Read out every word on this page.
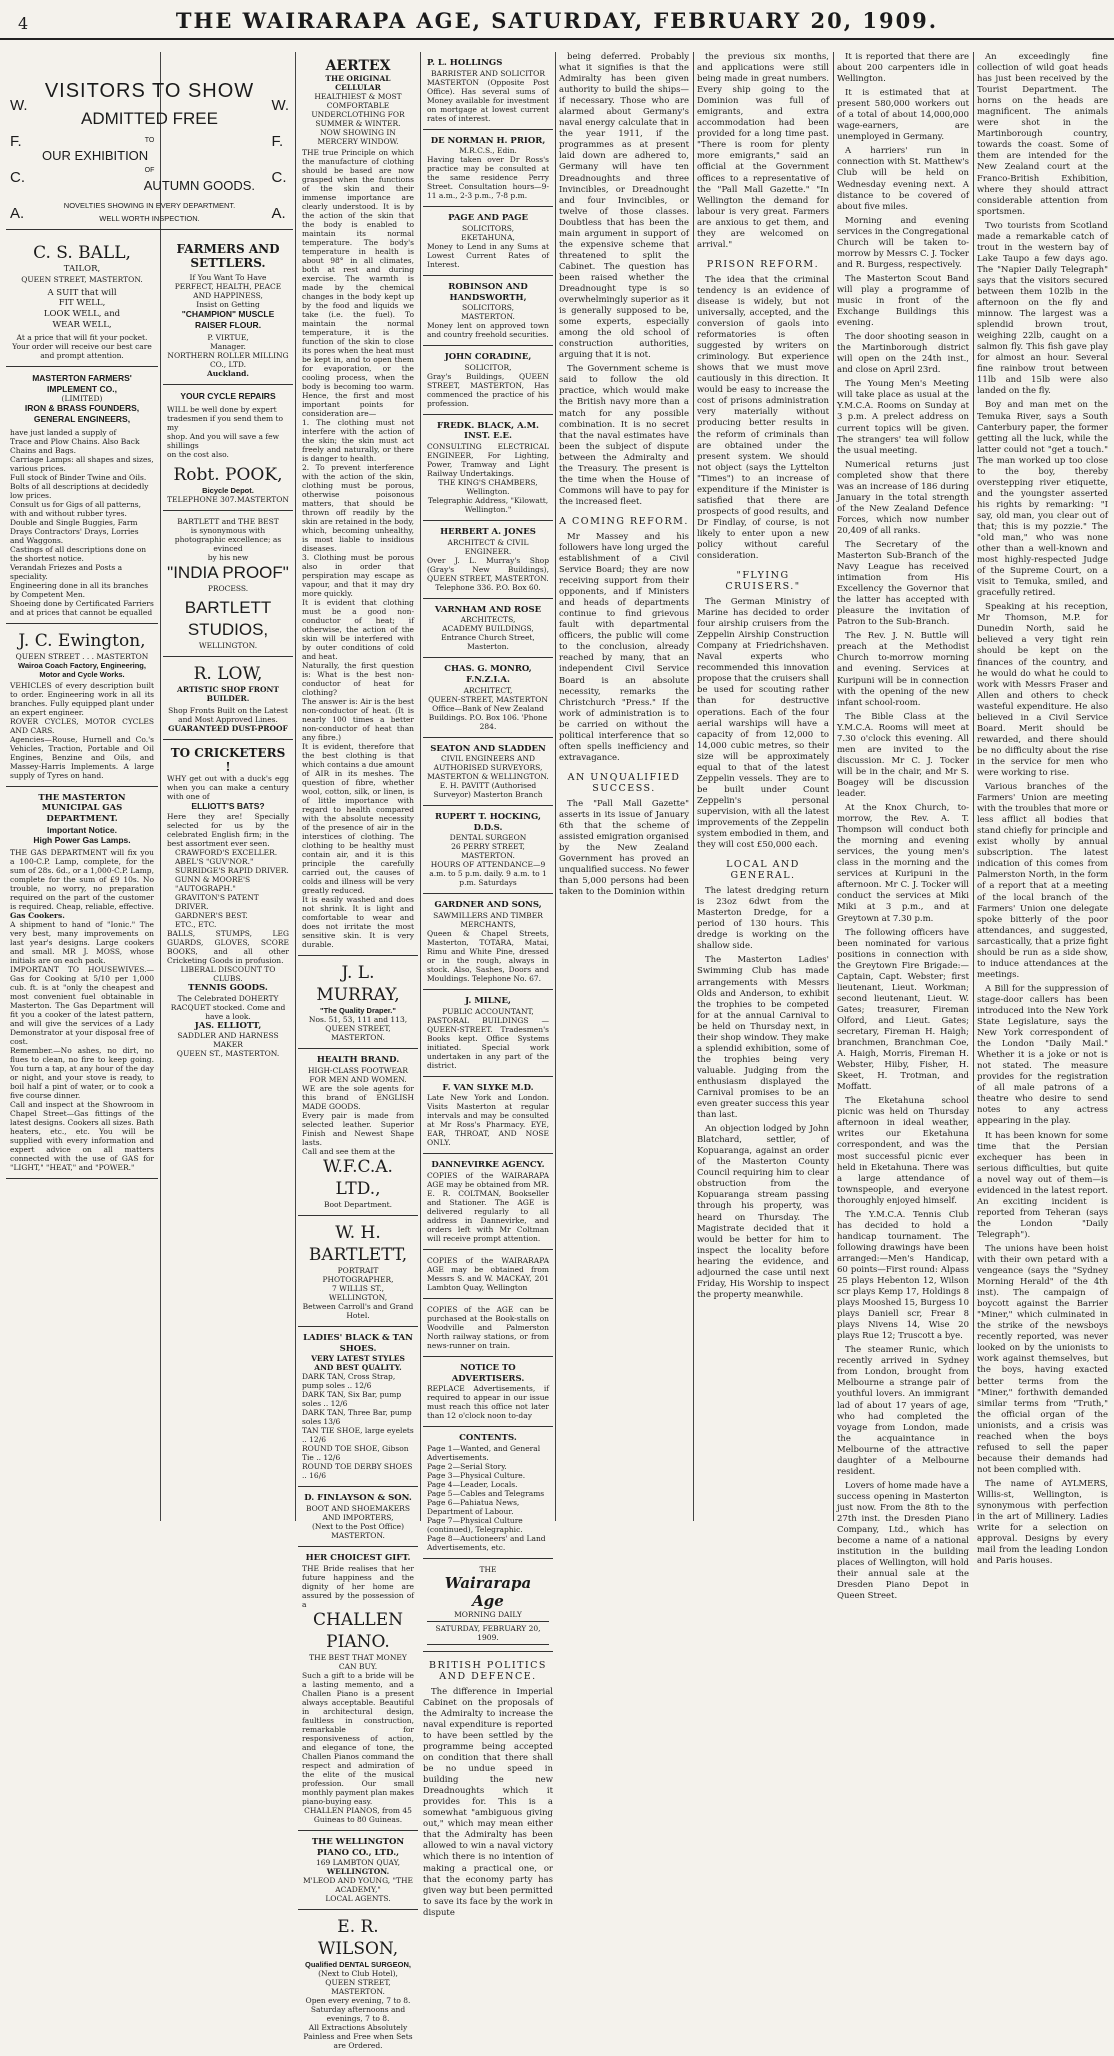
4	THE WAIRARAPA AGE, SATURDAY, FEBRUARY 20, 1909.
W.
F.
C.
A.
W.
F.
C.
A.
VISITORS TO SHOW
ADMITTED FREE
TO
OUR EXHIBITION
OF
AUTUMN GOODS.
NOVELTIES SHOWING IN EVERY DEPARTMENT.
WELL WORTH INSPECTION.
C. S. BALL,
TAILOR,
QUEEN STREET, MASTERTON.
A SUIT that will
FIT WELL,
LOOK WELL, and
WEAR WELL,
At a price that will fit your pocket.
Your order will receive our best care and prompt attention.
MASTERTON FARMERS' IMPLEMENT CO.,
(LIMITED)
IRON & BRASS FOUNDERS,
GENERAL ENGINEERS,
have just landed a supply of
Trace and Plow Chains. Also Back Chains and Bags.
Carriage Lamps: all shapes and sizes, various prices.
Full stock of Binder Twine and Oils.
Bolts of all descriptions at decidedly low prices.
Consult us for Gigs of all patterns, with and without rubber tyres.
Double and Single Buggies, Farm Drays Contractors' Drays, Lorries and Waggons.
Castings of all descriptions done on the shortest notice.
Verandah Friezes and Posts a speciality.
Engineering done in all its branches by Competent Men.
Shoeing done by Certificated Farriers and at prices that cannot be equalled
J. C. Ewington,
QUEEN STREET . . . MASTERTON
Wairoa Coach Factory, Engineering, Motor and Cycle Works.
VEHICLES of every description built to order. Engineering work in all its branches. Fully equipped plant under an expert engineer.
ROVER CYCLES, MOTOR CYCLES AND CARS.
Agencies—Rouse, Hurnell and Co.'s Vehicles, Traction, Portable and Oil Engines, Benzine and Oils, and Massey-Harris Implements. A large supply of Tyres on hand.
THE MASTERTON MUNICIPAL GAS DEPARTMENT.
Important Notice.
High Power Gas Lamps.
THE GAS DEPARTMENT will fix you a 100-C.P. Lamp, complete, for the sum of 28s. 6d., or a 1,000-C.P. Lamp, complete for the sum of £9 10s. No trouble, no worry, no preparation required on the part of the customer is required. Cheap, reliable, effective.
Gas Cookers.
A shipment to hand of "Ionic." The very best, many improvements on last year's designs. Large cookers and small. MR J. MOSS, whose initials are on each pack.
IMPORTANT TO HOUSEWIVES.—Gas for Cooking at 5/10 per 1,000 cub. ft. is at "only the cheapest and most convenient fuel obtainable in Masterton. The Gas Department will fit you a cooker of the latest pattern, and will give the services of a Lady Demonstrator at your disposal free of cost.
Remember.—No ashes, no dirt, no flues to clean, no fire to keep going. You turn a tap, at any hour of the day or night, and your stove is ready, to boil half a pint of water, or to cook a five course dinner.
Call and inspect at the Showroom in Chapel Street—Gas fittings of the latest designs. Cookers all sizes. Bath heaters, etc., etc. You will be supplied with every information and expert advice on all matters connected with the use of GAS for "LIGHT," "HEAT," and "POWER."
FARMERS AND SETTLERS.
If You Want To Have
PERFECT, HEALTH, PEACE AND HAPPINESS,
Insist on Getting
"CHAMPION" MUSCLE RAISER FLOUR.
P. VIRTUE,
Manager.
NORTHERN ROLLER MILLING CO., LTD.
Auckland.
YOUR CYCLE REPAIRS
WILL be well done by expert tradesmen if you send them to my
shop. And you will save a few shillings
on the cost also.
Robt. POOK,
Bicycle Depot.
TELEPHONE 307. MASTERTON
BARTLETT and THE BEST
is synonymous with photographic excellence; as evinced
by his new
"INDIA PROOF"
PROCESS.
BARTLETT STUDIOS,
WELLINGTON.
R. LOW,
ARTISTIC SHOP FRONT BUILDER.
Shop Fronts Built on the Latest and Most Approved Lines.
GUARANTEED DUST-PROOF
TO CRICKETERS !
WHY get out with a duck's egg when you can make a century with one of
ELLIOTT'S BATS?
Here they are! Specially selected for us by the celebrated English firm; in the best assortment ever seen.
CRAWFORD'S EXCELLER.
ABEL'S "GUV'NOR."
SURRIDGE'S RAPID DRIVER.
GUNN & MOORE'S "AUTOGRAPH."
GRAVITON'S PATENT DRIVER.
GARDNER'S BEST.
ETC., ETC.
BALLS, STUMPS, LEG GUARDS, GLOVES, SCORE BOOKS, and all other Cricketing Goods in profusion.
LIBERAL DISCOUNT TO CLUBS.
TENNIS GOODS.
The Celebrated DOHERTY RACQUET stocked. Come and have a look.
JAS. ELLIOTT,
SADDLER AND HARNESS MAKER
QUEEN ST., MASTERTON.
AERTEX
THE ORIGINAL CELLULAR
HEALTHIEST & MOST COMFORTABLE UNDERCLOTHING FOR SUMMER & WINTER.
NOW SHOWING IN MERCERY WINDOW.
THE true Principle on which the manufacture of clothing should be based are now grasped when the functions of the skin and their immense importance are clearly understood. It is by the action of the skin that the body is enabled to maintain its normal temperature. The body's temperature in health is about 98° in all climates, both at rest and during exercise. The warmth is made by the chemical changes in the body kept up by the food and liquids we take (i.e. the fuel). To maintain the normal temperature, it is the function of the skin to close its pores when the heat must be kept in, and to open them for evaporation, or the cooling process, when the body is becoming too warm. Hence, the first and most important points for consideration are—
1. The clothing must not interfere with the action of the skin; the skin must act freely and naturally, or there is danger to health.
2. To prevent interference with the action of the skin, clothing must be porous, otherwise poisonous matters, that should be thrown off readily by the skin are retained in the body, which, becoming unhealthy, is most liable to insidious diseases.
3. Clothing must be porous also in order that perspiration may escape as vapour, and that it may dry more quickly.
It is evident that clothing must be a good non-conductor of heat; if otherwise, the action of the skin will be interfered with by outer conditions of cold and heat.
Naturally, the first question is: What is the best non-conductor of heat for clothing?
The answer is: Air is the best non-conductor of heat. (It is nearly 100 times a better non-conductor of heat than any fibre.)
It is evident, therefore that the best clothing is that which contains a due amount of AIR in its meshes. The question of fibre, whether wool, cotton, silk, or linen, is of little importance with regard to health compared with the absolute necessity of the presence of air in the interstices of clothing. The clothing to be healthy must contain air, and it is this principle the carefully carried out, the causes of colds and illness will be very greatly reduced.
It is easily washed and does not shrink. It is light and comfortable to wear and does not irritate the most sensitive skin. It is very durable.
J. L. MURRAY,
"The Quality Draper."
Nos. 51, 53, 111 and 113,
QUEEN STREET, MASTERTON.
HEALTH BRAND.
HIGH-CLASS FOOTWEAR FOR MEN AND WOMEN.
WE are the sole agents for this brand of ENGLISH MADE GOODS.
Every pair is made from selected leather. Superior Finish and Newest Shape lasts.
Call and see them at the
W.F.C.A. LTD.,
Boot Department.
W. H. BARTLETT,
PORTRAIT PHOTOGRAPHER,
7 WILLIS ST., WELLINGTON,
Between Carroll's and Grand Hotel.
LADIES' BLACK & TAN SHOES.
VERY LATEST STYLES AND BEST QUALITY.
DARK TAN, Cross Strap, pump soles .. 12/6
DARK TAN, Six Bar, pump soles .. 12/6
DARK TAN, Three Bar, pump soles 13/6
TAN TIE SHOE, large eyelets .. 12/6
ROUND TOE SHOE, Gibson Tie .. 12/6
ROUND TOE DERBY SHOES .. 16/6
D. FINLAYSON & SON.
BOOT AND SHOEMAKERS
AND IMPORTERS,
(Next to the Post Office)
MASTERTON.
HER CHOICEST GIFT.
THE Bride realises that her future happiness and the dignity of her home are assured by the possession of a
CHALLEN PIANO.
THE BEST THAT MONEY CAN BUY.
Such a gift to a bride will be a lasting memento, and a Challen Piano is a present always acceptable. Beautiful in architectural design, faultless in construction, remarkable for responsiveness of action, and elegance of tone, the Challen Pianos command the respect and admiration of the elite of the musical profession. Our small monthly payment plan makes piano-buying easy.
CHALLEN PIANOS, from 45 Guineas to 80 Guineas.
THE WELLINGTON PIANO CO., LTD.,
169 LAMBTON QUAY,
WELLINGTON.
M'LEOD AND YOUNG, "THE ACADEMY,"
LOCAL AGENTS.
E. R. WILSON,
Qualified DENTAL SURGEON,
(Next to Club Hotel),
QUEEN STREET, MASTERTON.
Open every evening, 7 to 8. Saturday afternoons and evenings, 7 to 8.
All Extractions Absolutely Painless and Free when Sets are Ordered.
P. L. HOLLINGS
BARRISTER AND SOLICITOR
MASTERTON (Opposite Post Office). Has several sums of Money available for investment on mortgage at lowest current rates of interest.
DE NORMAN H. PRIOR,
M.R.C.S., Edin.
Having taken over Dr Ross's practice may be consulted at the same residence Perry Street. Consultation hours—9-11 a.m., 2-3 p.m., 7-8 p.m.
PAGE AND PAGE
SOLICITORS,
EKETAHUNA,
Money to Lend in any Sums at Lowest Current Rates of Interest.
ROBINSON AND HANDSWORTH,
SOLICITORS,
MASTERTON.
Money lent on approved town and country freehold securities.
JOHN CORADINE,
SOLICITOR,
Gray's Buildings, QUEEN STREET, MASTERTON, Has commenced the practice of his profession.
FREDK. BLACK, A.M. INST. E.E.
CONSULTING ELECTRICAL ENGINEER, For Lighting, Power, Tramway and Light Railway Undertakings.
THE KING'S CHAMBERS, Wellington.
Telegraphic Address, "Kilowatt, Wellington."
HERBERT A. JONES
ARCHITECT & CIVIL ENGINEER.
Over J. L. Murray's Shop (Gray's New Buildings), QUEEN STREET, MASTERTON.
Telephone 336. P.O. Box 60.
VARNHAM AND ROSE
ARCHITECTS,
ACADEMY BUILDINGS, Entrance Church Street, Masterton.
CHAS. G. MONRO, F.N.Z.I.A.
ARCHITECT,
QUEEN-STREET, MASTERTON
Office—Bank of New Zealand Buildings. P.O. Box 106. 'Phone 284.
SEATON AND SLADDEN
CIVIL ENGINEERS AND AUTHORISED SURVEYORS,
MASTERTON & WELLINGTON.
E. H. PAVITT (Authorised Surveyor) Masterton Branch
RUPERT T. HOCKING, D.D.S.
DENTAL SURGEON
26 PERRY STREET, MASTERTON.
HOURS OF ATTENDANCE—9 a.m. to 5 p.m. daily. 9 a.m. to 1 p.m. Saturdays
GARDNER AND SONS,
SAWMILLERS AND TIMBER MERCHANTS,
Queen & Chapel Streets, Masterton, TOTARA, Matai, Rimu and White Pine, dressed or in the rough, always in stock. Also, Sashes, Doors and Mouldings. Telephone No. 67.
J. MILNE,
PUBLIC ACCOUNTANT,
PASTORAL BUILDINGS — QUEEN-STREET. Tradesmen's Books kept. Office Systems initiated. Special work undertaken in any part of the district.
F. VAN SLYKE M.D.
Late New York and London. Visits Masterton at regular intervals and may be consulted at Mr Ross's Pharmacy. EYE, EAR, THROAT, AND NOSE ONLY.
DANNEVIRKE AGENCY.
COPIES of the WAIRARAPA AGE may be obtained from MR. E. R. COLTMAN, Bookseller and Stationer. The AGE is delivered regularly to all address in Dannevirke, and orders left with Mr Coltman will receive prompt attention.
COPIES of the WAIRARAPA AGE may be obtained from Messrs S. and W. MACKAY, 201 Lambton Quay, Wellington
COPIES of the AGE can be purchased at the Book-stalls on Woodville and Palmerston North railway stations, or from news-runner on train.
NOTICE TO ADVERTISERS.
REPLACE Advertisements, if required to appear in our issue must reach this office not later than 12 o'clock noon to-day
CONTENTS.
Page 1—Wanted, and General Advertisements.
Page 2—Serial Story.
Page 3—Physical Culture.
Page 4—Leader, Locals.
Page 5—Cables and Telegrams
Page 6—Pahiatua News, Department of Labour.
Page 7—Physical Culture (continued), Telegraphic.
Page 8—Auctioneers' and Land Advertisements, etc.
THE
Wairarapa Age
MORNING DAILY
SATURDAY, FEBRUARY 20, 1909.
BRITISH POLITICS AND DEFENCE.

The difference in Imperial Cabinet on the proposals of the Admiralty to increase the naval expenditure is reported to have been settled by the programme being accepted on condition that there shall be no undue speed in building the new Dreadnoughts which it provides for. This is a somewhat "ambiguous giving out," which may mean either that the Admiralty has been allowed to win a naval victory which there is no intention of making a practical one, or that the economy party has given way but been permitted to save its face by the work in dispute

being deferred. Probably what it signifies is that the Admiralty has been given authority to build the ships—if necessary. Those who are alarmed about Germany's naval energy calculate that in the year 1911, if the programmes as at present laid down are adhered to, Germany will have ten Dreadnoughts and three Invincibles, or Dreadnought and four Invincibles, or twelve of those classes. Doubtless that has been the main argument in support of the expensive scheme that threatened to split the Cabinet. The question has been raised whether the Dreadnought type is so overwhelmingly superior as it is generally supposed to be, some experts, especially among the old school of construction authorities, arguing that it is not.

The Government scheme is said to follow the old practice, which would make the British navy more than a match for any possible combination. It is no secret that the naval estimates have been the subject of dispute between the Admiralty and the Treasury. The present is the time when the House of Commons will have to pay for the increased fleet.

A COMING REFORM.

Mr Massey and his followers have long urged the establishment of a Civil Service Board; they are now receiving support from their opponents, and if Ministers and heads of departments continue to find grievous fault with departmental officers, the public will come to the conclusion, already reached by many, that an independent Civil Service Board is an absolute necessity, remarks the Christchurch "Press." If the work of administration is to be carried on without the political interference that so often spells inefficiency and extravagance.

AN UNQUALIFIED SUCCESS.

The "Pall Mall Gazette" asserts in its issue of January 6th that the scheme of assisted emigration organised by the New Zealand Government has proved an unqualified success. No fewer than 5,000 persons had been taken to the Dominion within

the previous six months, and applications were still being made in great numbers. Every ship going to the Dominion was full of emigrants, and extra accommodation had been provided for a long time past. "There is room for plenty more emigrants," said an official at the Government offices to a representative of the "Pall Mall Gazette." "In Wellington the demand for labour is very great. Farmers are anxious to get them, and they are welcomed on arrival."

PRISON REFORM.

The idea that the criminal tendency is an evidence of disease is widely, but not universally, accepted, and the conversion of gaols into reformatories is often suggested by writers on criminology. But experience shows that we must move cautiously in this direction. It would be easy to increase the cost of prisons administration very materially without producing better results in the reform of criminals than are obtained under the present system. We should not object (says the Lyttelton "Times") to an increase of expenditure if the Minister is satisfied that there are prospects of good results, and Dr Findlay, of course, is not likely to enter upon a new policy without careful consideration.

"FLYING CRUISERS."

The German Ministry of Marine has decided to order four airship cruisers from the Zeppelin Airship Construction Company at Friedrichshaven. Naval experts who recommended this innovation propose that the cruisers shall be used for scouting rather than for destructive operations. Each of the four aerial warships will have a capacity of from 12,000 to 14,000 cubic metres, so their size will be approximately equal to that of the latest Zeppelin vessels. They are to be built under Count Zeppelin's personal supervision, with all the latest improvements of the Zeppelin system embodied in them, and they will cost £50,000 each.

LOCAL AND GENERAL.

The latest dredging return is 23oz 6dwt from the Masterton Dredge, for a period of 130 hours. This dredge is working on the shallow side.

The Masterton Ladies' Swimming Club has made arrangements with Messrs Olds and Anderson, to exhibit the trophies to be competed for at the annual Carnival to be held on Thursday next, in their shop window. They make a splendid exhibition, some of the trophies being very valuable. Judging from the enthusiasm displayed the Carnival promises to be an even greater success this year than last.

An objection lodged by John Blatchard, settler, of Kopuaranga, against an order of the Masterton County Council requiring him to clear obstruction from the Kopuaranga stream passing through his property, was heard on Thursday. The Magistrate decided that it would be better for him to inspect the locality before hearing the evidence, and adjourned the case until next Friday, His Worship to inspect the property meanwhile.

It is reported that there are about 200 carpenters idle in Wellington.

It is estimated that at present 580,000 workers out of a total of about 14,000,000 wage-earners, are unemployed in Germany.

A harriers' run in connection with St. Matthew's Club will be held on Wednesday evening next. A distance to be covered of about five miles.

Morning and evening services in the Congregational Church will be taken to-morrow by Messrs C. J. Tocker and R. Burgess, respectively.

The Masterton Scout Band will play a programme of music in front of the Exchange Buildings this evening.

The door shooting season in the Martinborough district will open on the 24th inst., and close on April 23rd.

The Young Men's Meeting will take place as usual at the Y.M.C.A. Rooms on Sunday at 3 p.m. A prelect address on current topics will be given. The strangers' tea will follow the usual meeting.

Numerical returns just completed show that there was an increase of 186 during January in the total strength of the New Zealand Defence Forces, which now number 20,409 of all ranks.

The Secretary of the Masterton Sub-Branch of the Navy League has received intimation from His Excellency the Governor that the latter has accepted with pleasure the invitation of Patron to the Sub-Branch.

The Rev. J. N. Buttle will preach at the Methodist Church to-morrow morning and evening. Services at Kuripuni will be in connection with the opening of the new infant school-room.

The Bible Class at the Y.M.C.A. Rooms will meet at 7.30 o'clock this evening. All men are invited to the discussion. Mr C. J. Tocker will be in the chair, and Mr S. Boagey will be discussion leader.

At the Knox Church, to-morrow, the Rev. A. T. Thompson will conduct both the morning and evening services, the young men's class in the morning and the services at Kuripuni in the afternoon. Mr C. J. Tocker will conduct the services at Miki Miki at 3 p.m., and at Greytown at 7.30 p.m.

The following officers have been nominated for various positions in connection with the Greytown Fire Brigade:—Captain, Capt. Webster; first lieutenant, Lieut. Workman; second lieutenant, Lieut. W. Gates; treasurer, Fireman Olford, and Lieut. Gates; secretary, Fireman H. Haigh; branchmen, Branchman Coe, A. Haigh, Morris, Fireman H. Webster, Hiiby, Fisher, H. Skeet, H. Trotman, and Moffatt.

The Eketahuna school picnic was held on Thursday afternoon in ideal weather, writes our Eketahuna correspondent, and was the most successful picnic ever held in Eketahuna. There was a large attendance of townspeople, and everyone thoroughly enjoyed himself.

The Y.M.C.A. Tennis Club has decided to hold a handicap tournament. The following drawings have been arranged:—Men's Handicap, 60 points—First round: Alpass 25 plays Hebenton 12, Wilson scr plays Kemp 17, Holdings 8 plays Mooshed 15, Burgess 10 plays Daniell scr, Frear 8 plays Nivens 14, Wise 20 plays Rue 12; Truscott a bye.

The steamer Runic, which recently arrived in Sydney from London, brought from Melbourne a strange pair of youthful lovers. An immigrant lad of about 17 years of age, who had completed the voyage from London, made the acquaintance in Melbourne of the attractive daughter of a Melbourne resident.

Lovers of home made have a success opening in Masterton just now. From the 8th to the 27th inst. the Dresden Piano Company, Ltd., which has become a name of a national institution in the building places of Wellington, will hold their annual sale at the Dresden Piano Depot in Queen Street.

An exceedingly fine collection of wild goat heads has just been received by the Tourist Department. The horns on the heads are magnificent. The animals were shot in the Martinborough country, towards the coast. Some of them are intended for the New Zealand court at the Franco-British Exhibition, where they should attract considerable attention from sportsmen.

Two tourists from Scotland made a remarkable catch of trout in the western bay of Lake Taupo a few days ago. The "Napier Daily Telegraph" says that the visitors secured between them 102lb in the afternoon on the fly and minnow. The largest was a splendid brown trout, weighing 22lb, caught on a salmon fly. This fish gave play for almost an hour. Several fine rainbow trout between 11lb and 15lb were also landed on the fly.

Boy and man met on the Temuka River, says a South Canterbury paper, the former getting all the luck, while the latter could not "get a touch." The man worked up too close to the boy, thereby overstepping river etiquette, and the youngster asserted his rights by remarking: "I say, old man, you clear out of that; this is my pozzie." The "old man," who was none other than a well-known and most highly-respected Judge of the Supreme Court, on a visit to Temuka, smiled, and gracefully retired.

Speaking at his reception, Mr Thomson, M.P. for Dunedin North, said he believed a very tight rein should be kept on the finances of the country, and he would do what he could to work with Messrs Fraser and Allen and others to check wasteful expenditure. He also believed in a Civil Service Board. Merit should be rewarded, and there should be no difficulty about the rise in the service for men who were working to rise.

Various branches of the Farmers' Union are meeting with the troubles that more or less afflict all bodies that stand chiefly for principle and exist wholly by annual subscription. The latest indication of this comes from Palmerston North, in the form of a report that at a meeting of the local branch of the Farmers' Union one delegate spoke bitterly of the poor attendances, and suggested, sarcastically, that a prize fight should be run as a side show, to induce attendances at the meetings.

A Bill for the suppression of stage-door callers has been introduced into the New York State Legislature, says the New York correspondent of the London "Daily Mail." Whether it is a joke or not is not stated. The measure provides for the registration of all male patrons of a theatre who desire to send notes to any actress appearing in the play.

It has been known for some time that the Persian exchequer has been in serious difficulties, but quite a novel way out of them—is evidenced in the latest report. An exciting incident is reported from Teheran (says the London "Daily Telegraph").

The unions have been hoist with their own petard with a vengeance (says the "Sydney Morning Herald" of the 4th inst). The campaign of boycott against the Barrier "Miner," which culminated in the strike of the newsboys recently reported, was never looked on by the unionists to work against themselves, but the boys, having exacted better terms from the "Miner," forthwith demanded similar terms from "Truth," the official organ of the unionists, and a crisis was reached when the boys refused to sell the paper because their demands had not been complied with.

The name of AYLMERS, Willis-st, Wellington, is synonymous with perfection in the art of Millinery. Ladies write for a selection on approval. Designs by every mail from the leading London and Paris houses.
